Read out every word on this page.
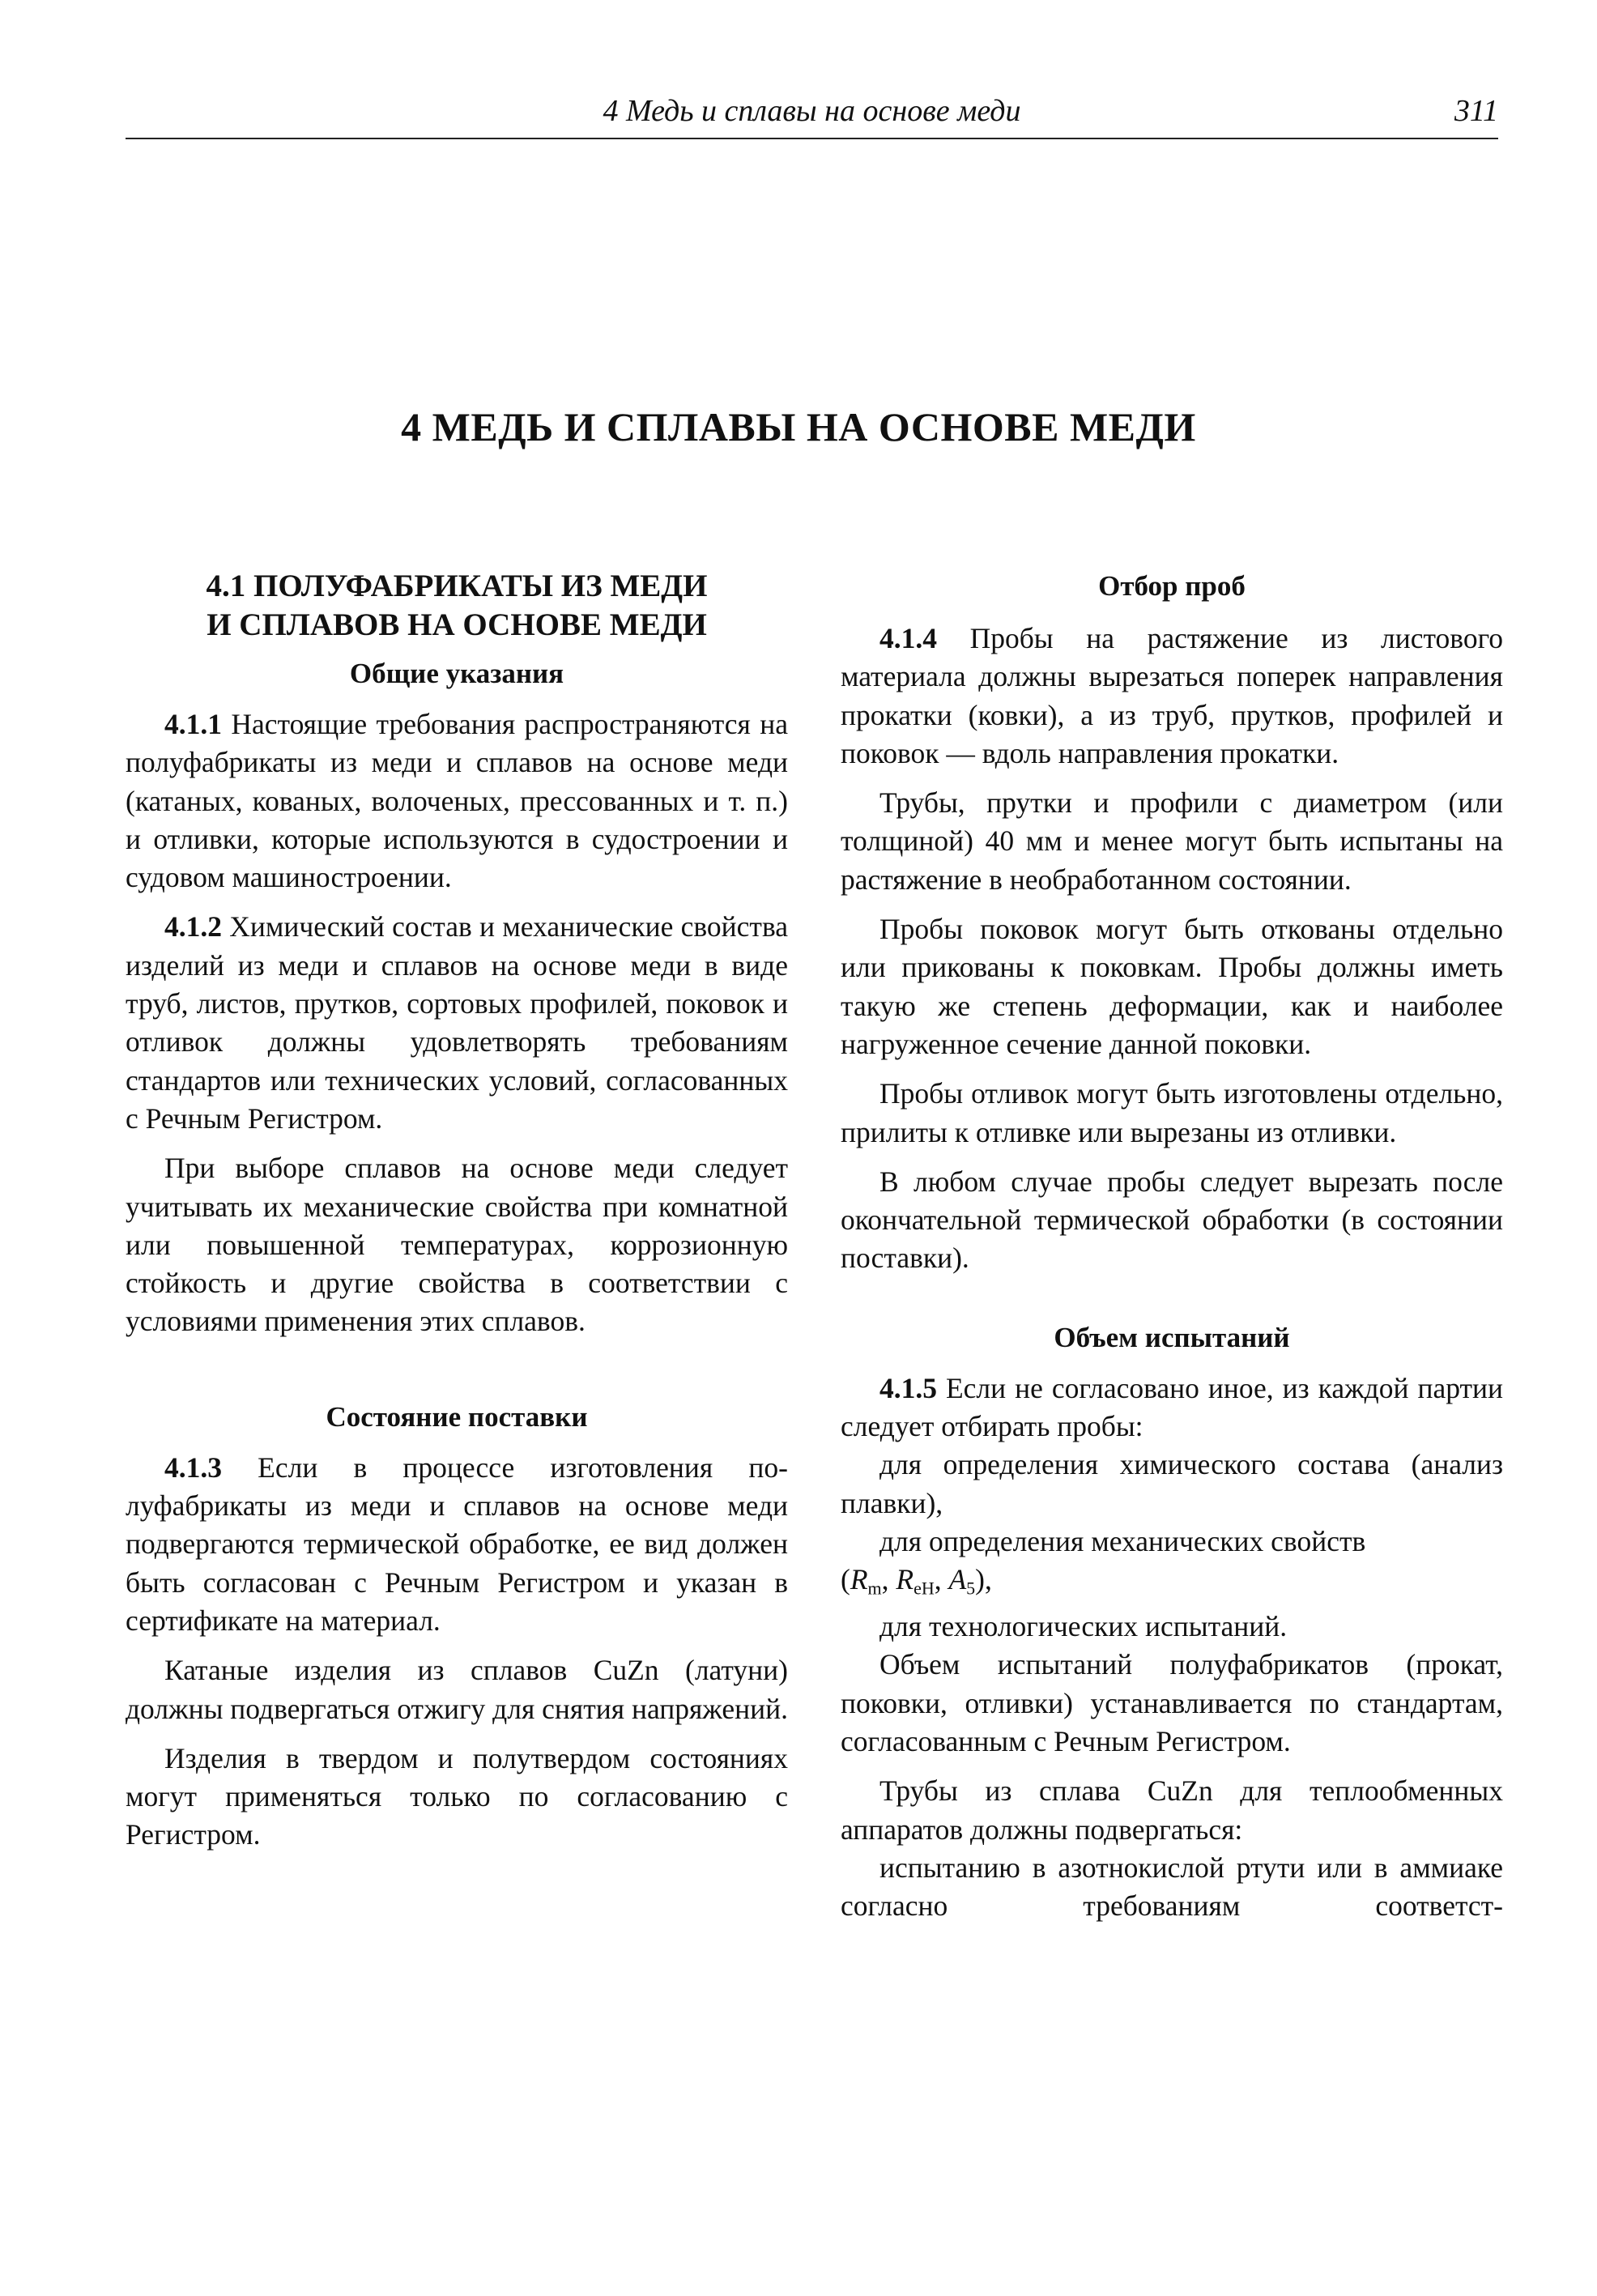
4 Медь и сплавы на основе меди	311
4 МЕДЬ И СПЛАВЫ НА ОСНОВЕ МЕДИ
4.1 ПОЛУФАБРИКАТЫ ИЗ МЕДИ
И СПЛАВОВ НА ОСНОВЕ МЕДИ
Общие указания

4.1.1 Настоящие требования распространяются на полуфабрикаты из меди и сплавов на основе меди (катаных, кованых, волоченых, прессованных и т. п.) и отливки, которые используются в судостроении и судовом машиностроении.

4.1.2 Химический состав и механические свойства изделий из меди и сплавов на основе меди в виде труб, листов, прутков, сортовых профилей, поковок и отливок должны удовлетворять требованиям стандартов или технических условий, согласованных с Речным Регистром.

При выборе сплавов на основе меди следует учитывать их механические свойства при комнатной или повышенной температурах, коррозионную стойкость и другие свойства в соответствии с условиями применения этих сплавов.

Состояние поставки

4.1.3 Если в процессе изготовления полуфабрикаты из меди и сплавов на основе меди подвергаются термической обработке, ее вид должен быть согласован с Речным Регистром и указан в сертификате на материал.

Катаные изделия из сплавов CuZn (латуни) должны подвергаться отжигу для снятия напряжений.

Изделия в твердом и полутвердом состояниях могут применяться только по согласованию с Регистром.

Отбор проб

4.1.4 Пробы на растяжение из листового материала должны вырезаться поперек направления прокатки (ковки), а из труб, прутков, профилей и поковок — вдоль направления прокатки.

Трубы, прутки и профили с диаметром (или толщиной) 40 мм и менее могут быть испытаны на растяжение в необработанном состоянии.

Пробы поковок могут быть откованы отдельно или прикованы к поковкам. Пробы должны иметь такую же степень деформации, как и наиболее нагруженное сечение данной поковки.

Пробы отливок могут быть изготовлены отдельно, прилиты к отливке или вырезаны из отливки.

В любом случае пробы следует вырезать после окончательной термической обработки (в состоянии поставки).

Объем испытаний

4.1.5 Если не согласовано иное, из каждой партии следует отбирать пробы:

для определения химического состава (анализ плавки),

для определения механических свойств
($R_m$, $R_{eH}$, $A_5$),

для технологических испытаний.

Объем испытаний полуфабрикатов (прокат, поковки, отливки) устанавливается по стандартам, согласованным с Речным Регистром.

Трубы из сплава CuZn для теплообменных аппаратов должны подвергаться:

испытанию в азотнокислой ртути или в аммиаке согласно требованиям соответст-
